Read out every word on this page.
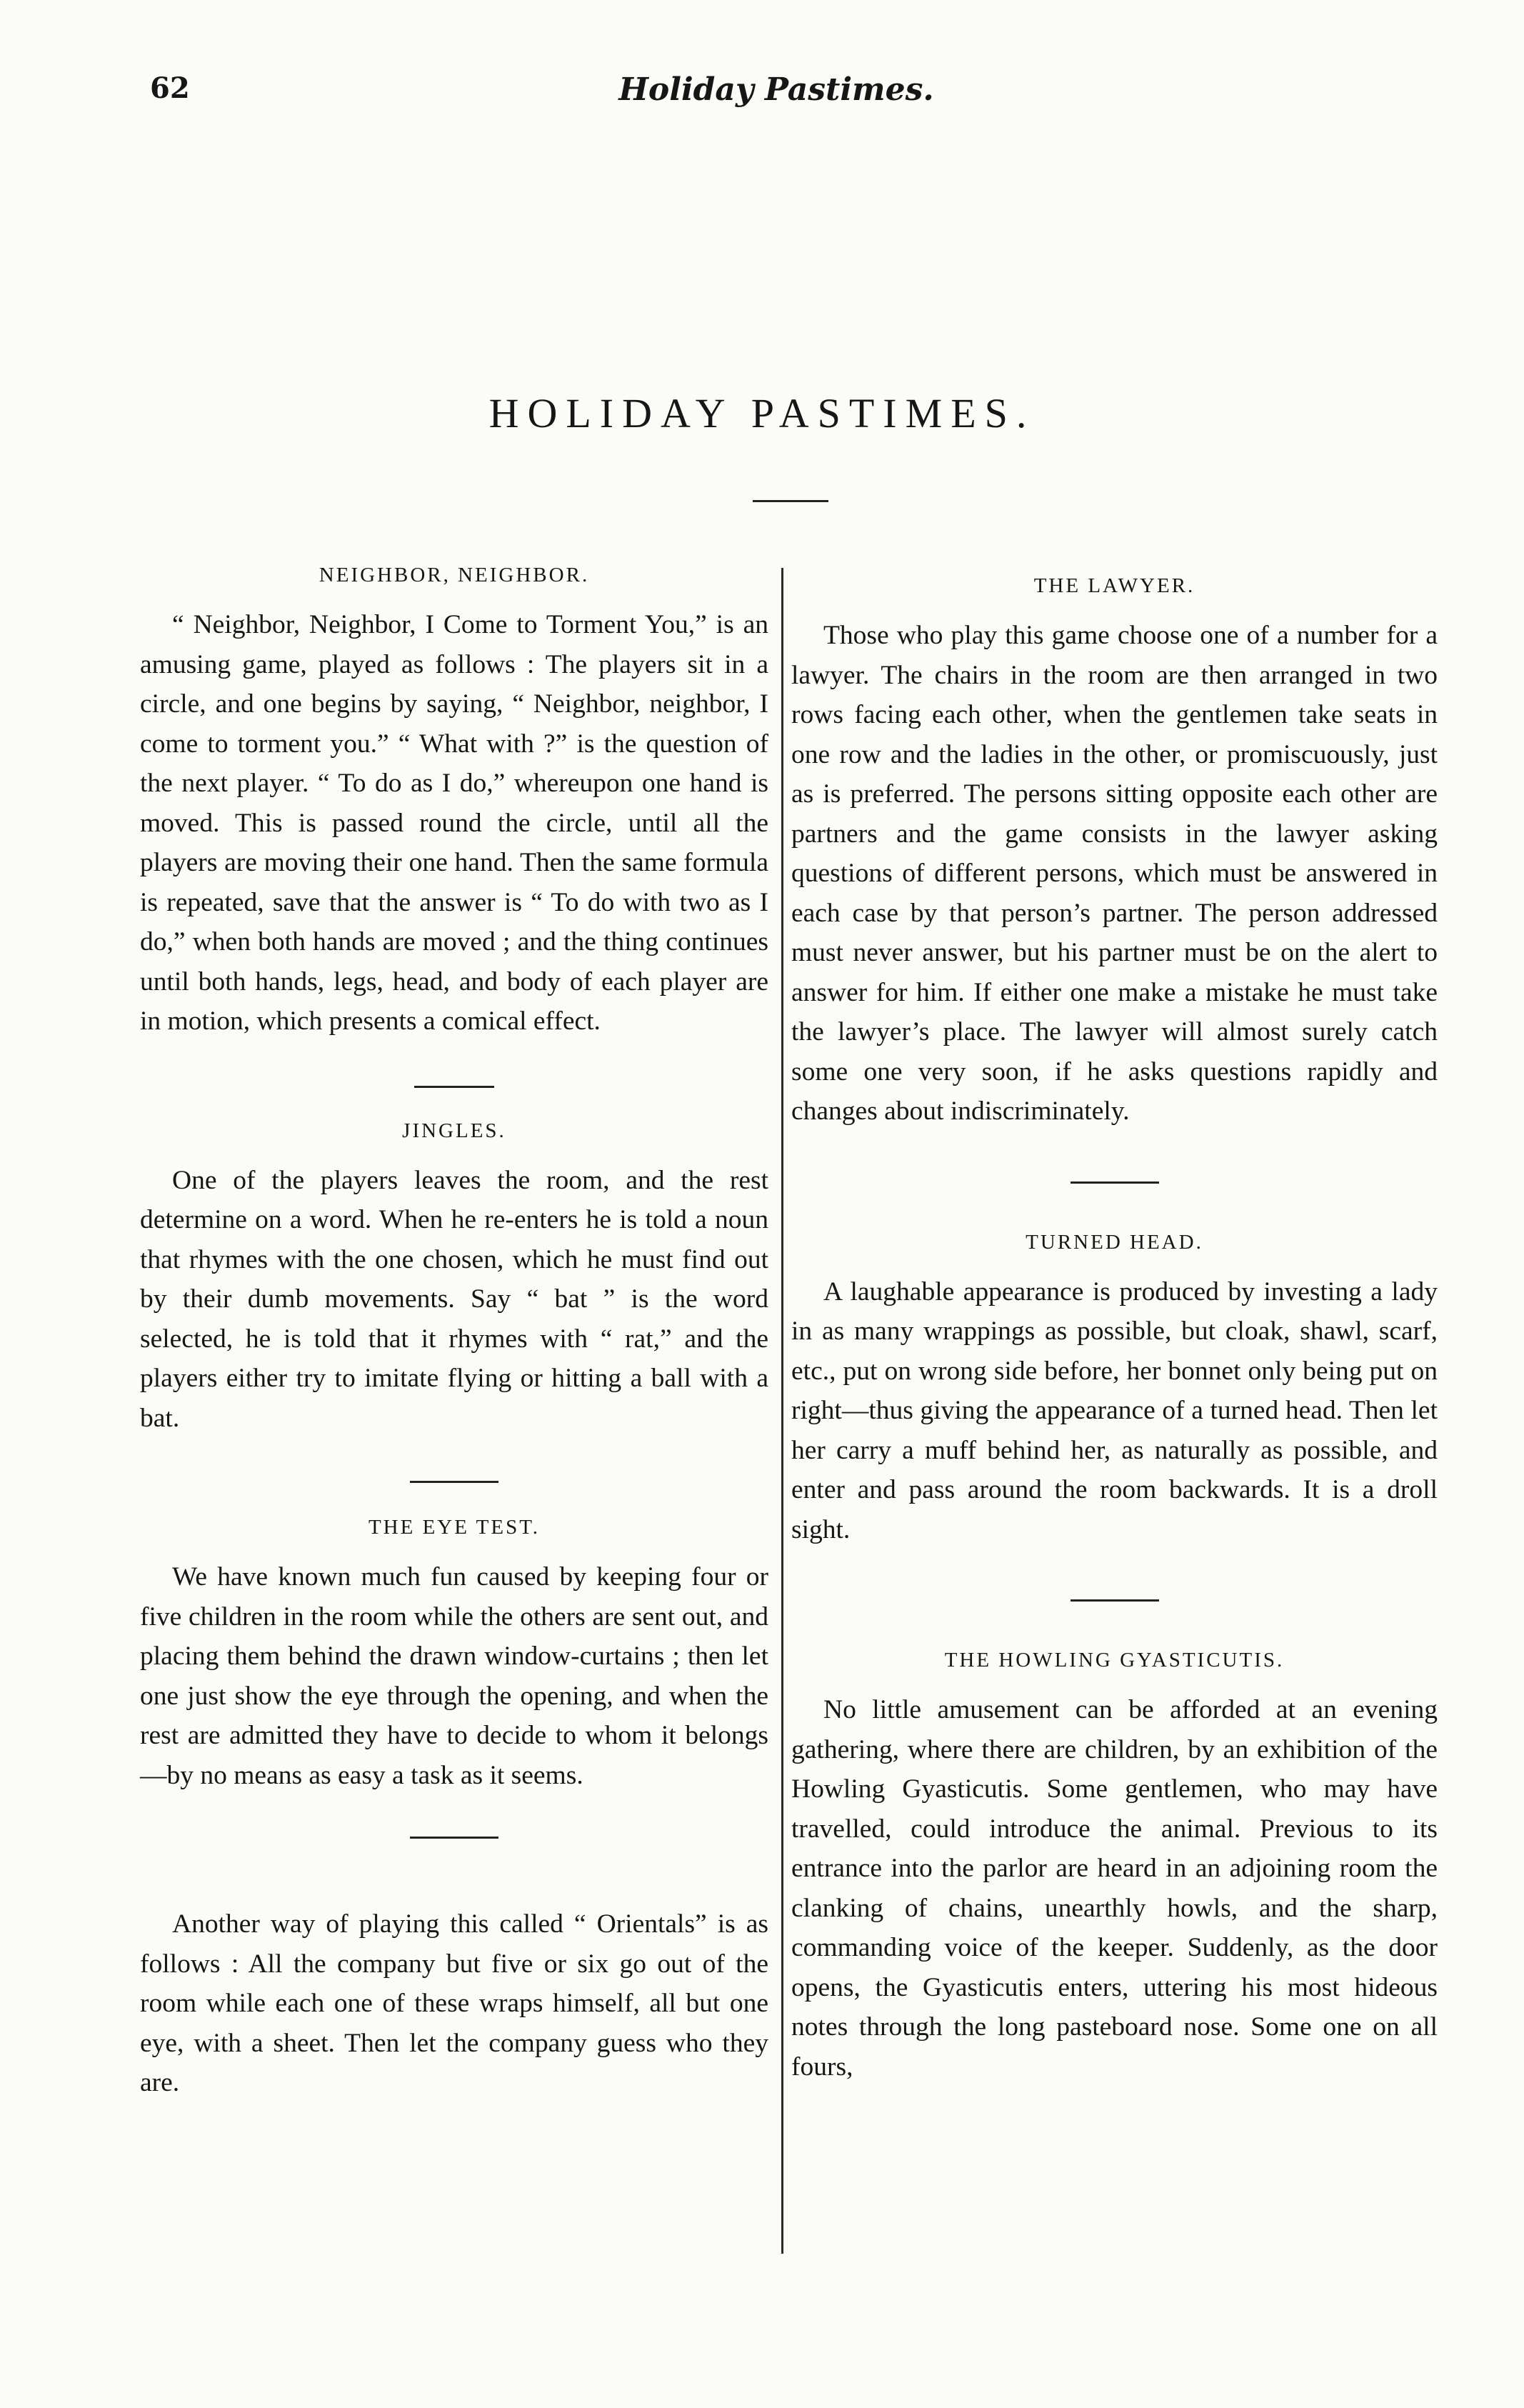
62	Holiday Pastimes.
HOLIDAY PASTIMES.
NEIGHBOR, NEIGHBOR.

“ Neighbor, Neighbor, I Come to Torment You,” is an amusing game, played as follows : The players sit in a circle, and one begins by saying, “ Neighbor, neighbor, I come to torment you.” “ What with ?” is the question of the next player. “ To do as I do,” whereupon one hand is moved. This is passed round the circle, until all the players are moving their one hand. Then the same formula is repeated, save that the answer is “ To do with two as I do,” when both hands are moved ; and the thing continues until both hands, legs, head, and body of each player are in motion, which presents a comical effect.

JINGLES.

One of the players leaves the room, and the rest determine on a word. When he re-enters he is told a noun that rhymes with the one chosen, which he must find out by their dumb movements. Say “ bat ” is the word selected, he is told that it rhymes with “ rat,” and the players either try to imitate flying or hitting a ball with a bat.

THE EYE TEST.

We have known much fun caused by keeping four or five children in the room while the others are sent out, and placing them behind the drawn window-curtains ; then let one just show the eye through the opening, and when the rest are admitted they have to decide to whom it belongs —by no means as easy a task as it seems.

Another way of playing this called “ Orientals” is as follows : All the company but five or six go out of the room while each one of these wraps himself, all but one eye, with a sheet. Then let the company guess who they are.

THE LAWYER.

Those who play this game choose one of a number for a lawyer. The chairs in the room are then arranged in two rows facing each other, when the gentlemen take seats in one row and the ladies in the other, or promiscuously, just as is preferred. The persons sitting opposite each other are partners and the game consists in the lawyer asking questions of different persons, which must be answered in each case by that person’s partner. The person addressed must never answer, but his partner must be on the alert to answer for him. If either one make a mistake he must take the lawyer’s place. The lawyer will almost surely catch some one very soon, if he asks questions rapidly and changes about indiscriminately.

TURNED HEAD.

A laughable appearance is produced by investing a lady in as many wrappings as possible, but cloak, shawl, scarf, etc., put on wrong side before, her bonnet only being put on right—thus giving the appearance of a turned head. Then let her carry a muff behind her, as naturally as possible, and enter and pass around the room backwards. It is a droll sight.

THE HOWLING GYASTICUTIS.

No little amusement can be afforded at an evening gathering, where there are children, by an exhibition of the Howling Gyasticutis. Some gentlemen, who may have travelled, could introduce the animal. Previous to its entrance into the parlor are heard in an adjoining room the clanking of chains, unearthly howls, and the sharp, commanding voice of the keeper. Suddenly, as the door opens, the Gyasticutis enters, uttering his most hideous notes through the long pasteboard nose. Some one on all fours,
